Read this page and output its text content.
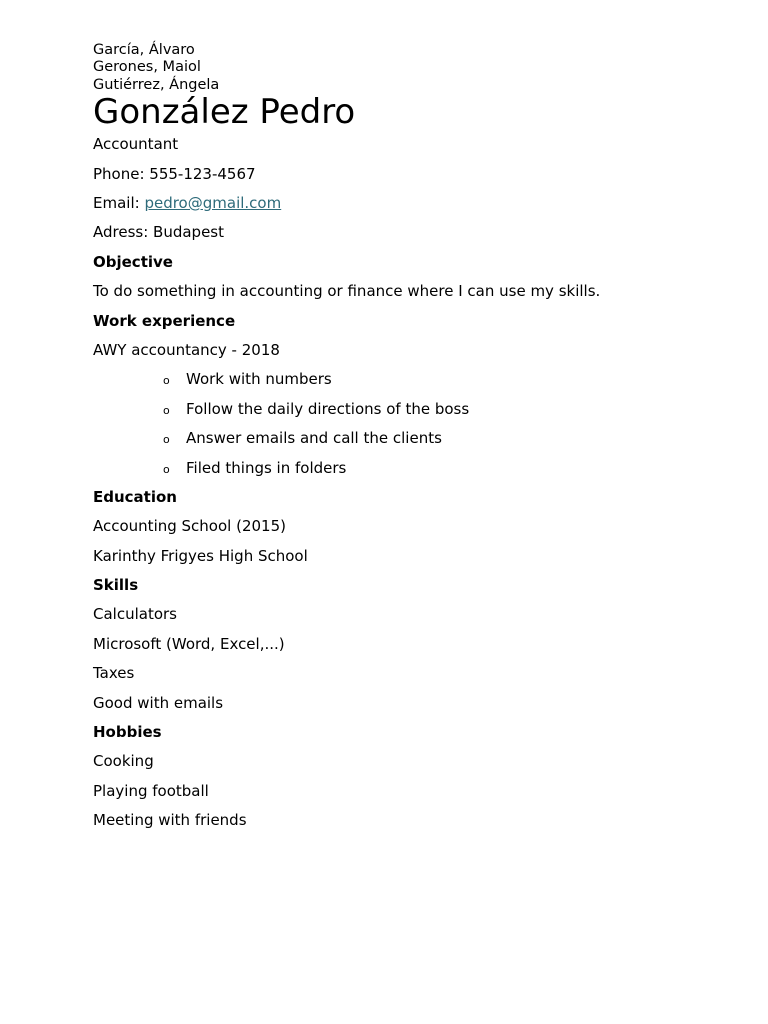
García, Álvaro
Gerones, Maiol
Gutiérrez, Ángela
González Pedro
Accountant
Phone: 555-123-4567
Email: pedro@gmail.com
Adress: Budapest
Objective
To do something in accounting or finance where I can use my skills.
Work experience
AWY accountancy - 2018
o Work with numbers
o Follow the daily directions of the boss
o Answer emails and call the clients
o Filed things in folders
Education
Accounting School (2015)
Karinthy Frigyes High School
Skills
Calculators
Microsoft (Word, Excel,...)
Taxes
Good with emails
Hobbies
Cooking
Playing football
Meeting with friends
